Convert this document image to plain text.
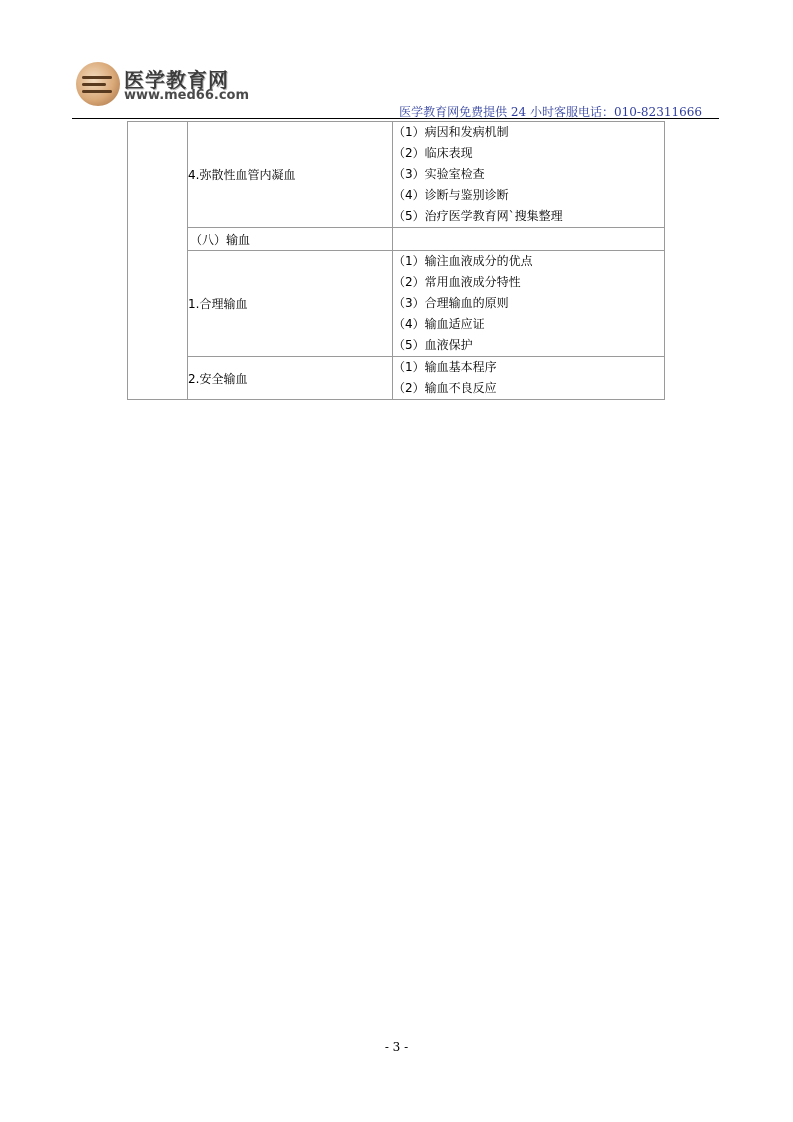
医学教育网
www.med66.com
医学教育网免费提供 24 小时客服电话：010-82311666
	4.弥散性血管内凝血	（1）病因和发病机制
（2）临床表现
（3）实验室检查
（4）诊断与鉴别诊断
（5）治疗医学教育网`搜集整理

	（八）输血	
	1.合理输血	（1）输注血液成分的优点
（2）常用血液成分特性
（3）合理输血的原则
（4）输血适应证
（5）血液保护

	2.安全输血	（1）输血基本程序
（2）输血不良反应
- 3 -
